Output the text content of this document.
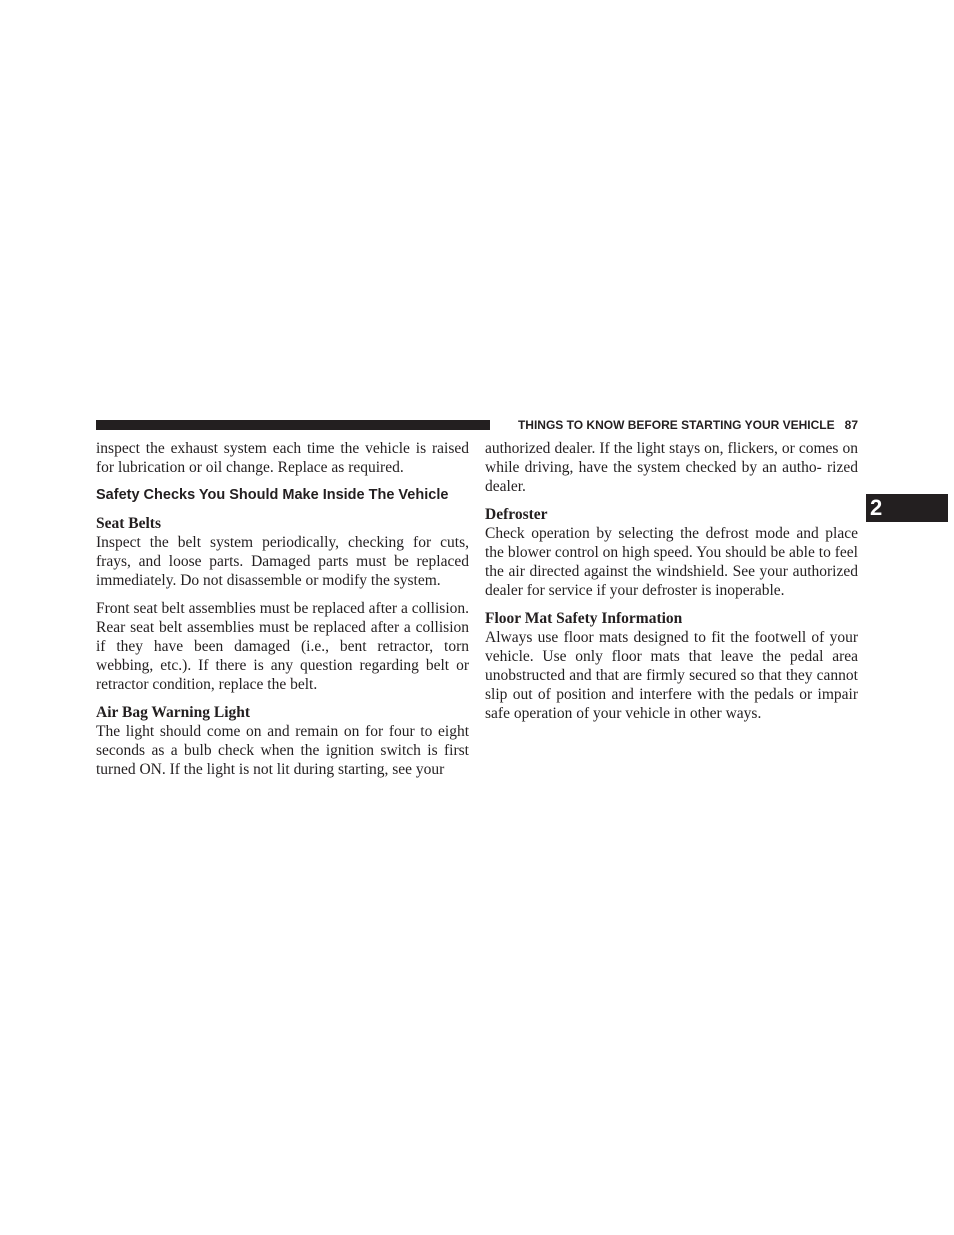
THINGS TO KNOW BEFORE STARTING YOUR VEHICLE 87
2

inspect the exhaust system each time the vehicle is raised for lubrication or oil change. Replace as required.

Safety Checks You Should Make Inside The Vehicle
Seat Belts

Inspect the belt system periodically, checking for cuts, frays, and loose parts. Damaged parts must be replaced immediately. Do not disassemble or modify the system.

Front seat belt assemblies must be replaced after a collision. Rear seat belt assemblies must be replaced after a collision if they have been damaged (i.e., bent retractor, torn webbing, etc.). If there is any question regarding belt or retractor condition, replace the belt.

Air Bag Warning Light

The light should come on and remain on for four to eight seconds as a bulb check when the ignition switch is first turned ON. If the light is not lit during starting, see your

authorized dealer. If the light stays on, flickers, or comes on while driving, have the system checked by an autho- rized dealer.

Defroster

Check operation by selecting the defrost mode and place the blower control on high speed. You should be able to feel the air directed against the windshield. See your authorized dealer for service if your defroster is inoperable.

Floor Mat Safety Information

Always use floor mats designed to fit the footwell of your vehicle. Use only floor mats that leave the pedal area unobstructed and that are firmly secured so that they cannot slip out of position and interfere with the pedals or impair safe operation of your vehicle in other ways.
